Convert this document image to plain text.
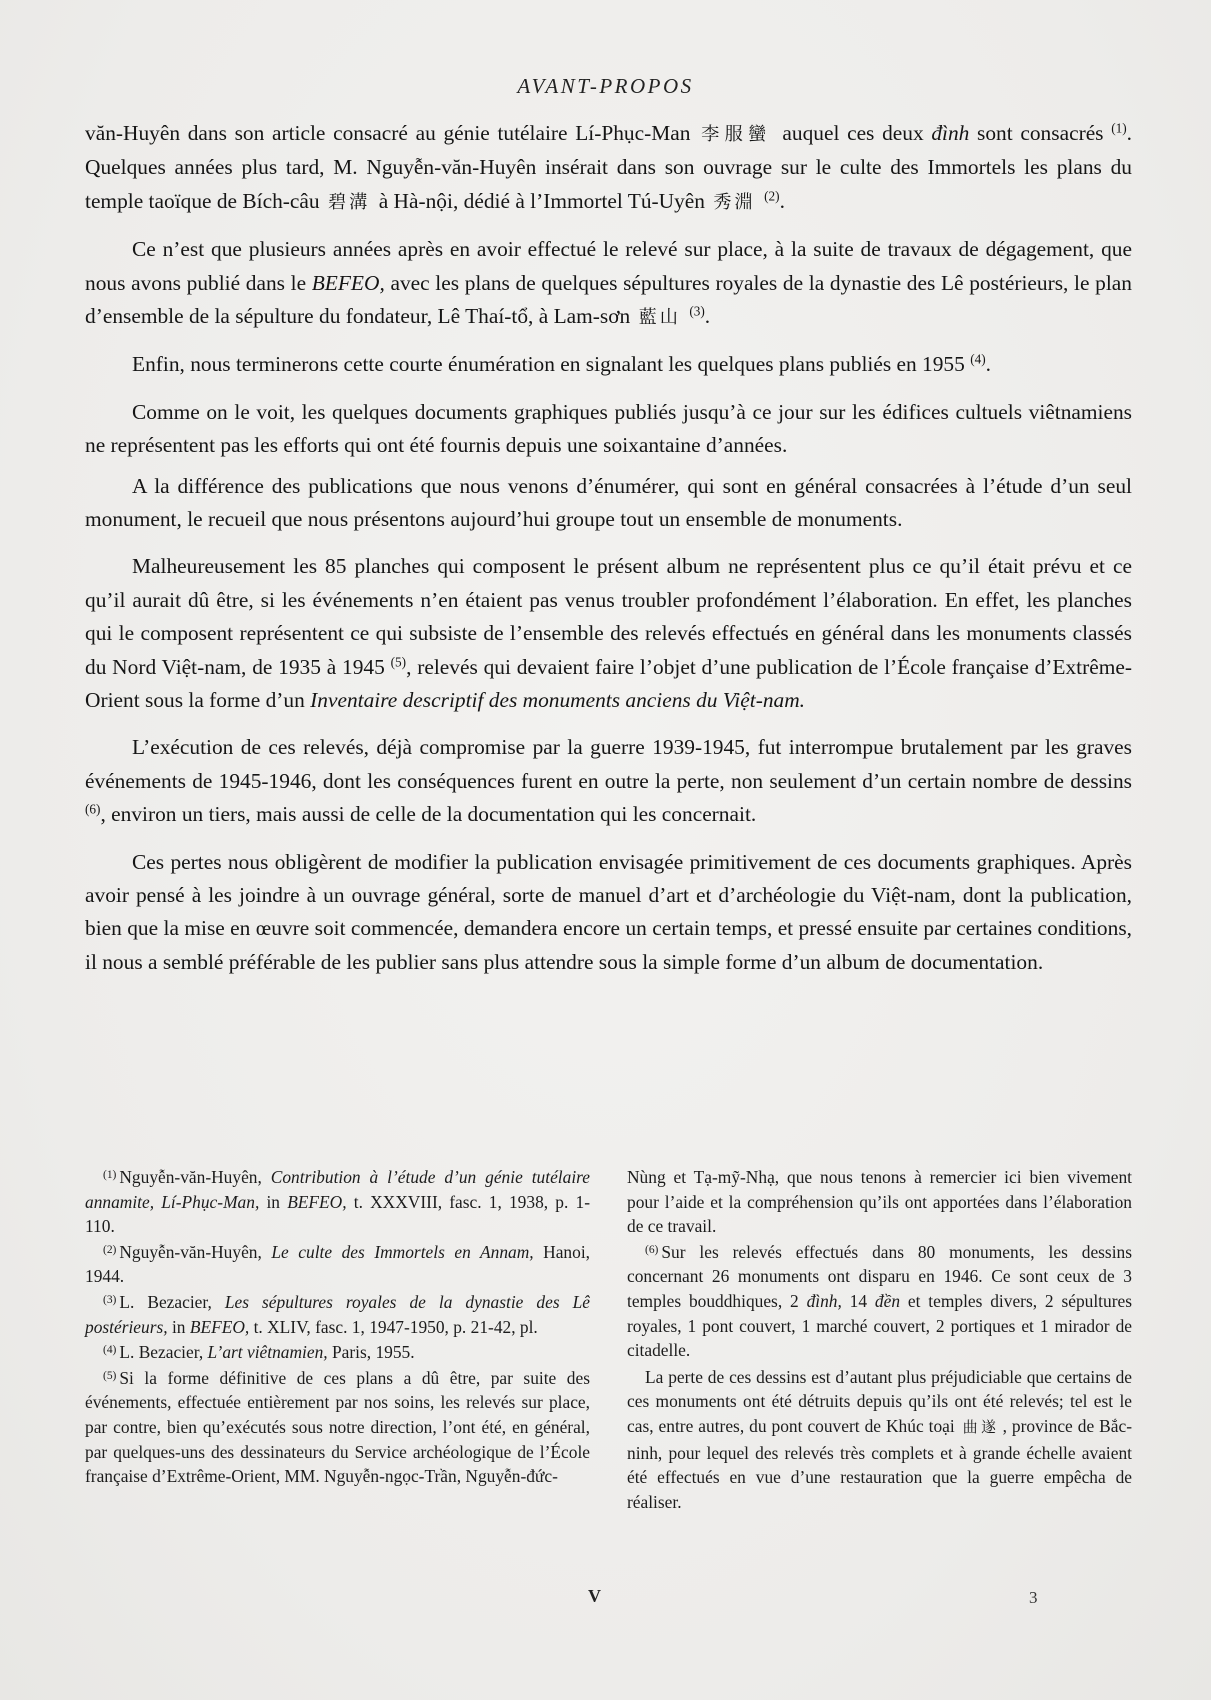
AVANT-PROPOS

văn-Huyên dans son article consacré au génie tutélaire Lí-Phục-Man 李服蠻 auquel ces deux đình sont consacrés $^{(1)}$. Quelques années plus tard, M. Nguyễn-văn-Huyên insérait dans son ouvrage sur le culte des Immortels les plans du temple taoïque de Bích-câu 碧溝 à Hà-nội, dédié à l’Immortel Tú-Uyên 秀淵 $^{(2)}$.

Ce n’est que plusieurs années après en avoir effectué le relevé sur place, à la suite de travaux de dégagement, que nous avons publié dans le BEFEO, avec les plans de quelques sépultures royales de la dynastie des Lê postérieurs, le plan d’ensemble de la sépulture du fondateur, Lê Thaí-tổ, à Lam-sơn 藍山 $^{(3)}$.

Enfin, nous terminerons cette courte énumération en signalant les quelques plans publiés en 1955 $^{(4)}$.

Comme on le voit, les quelques documents graphiques publiés jusqu’à ce jour sur les édifices cultuels viêtnamiens ne représentent pas les efforts qui ont été fournis depuis une soixantaine d’années.

A la différence des publications que nous venons d’énumérer, qui sont en général consacrées à l’étude d’un seul monument, le recueil que nous présentons aujourd’hui groupe tout un ensemble de monuments.

Malheureusement les 85 planches qui composent le présent album ne représentent plus ce qu’il était prévu et ce qu’il aurait dû être, si les événements n’en étaient pas venus troubler profondément l’élaboration. En effet, les planches qui le composent représentent ce qui subsiste de l’ensemble des relevés effectués en général dans les monuments classés du Nord Việt-nam, de 1935 à 1945 $^{(5)}$, relevés qui devaient faire l’objet d’une publication de l’École française d’Extrême-Orient sous la forme d’un Inventaire descriptif des monuments anciens du Việt-nam.

L’exécution de ces relevés, déjà compromise par la guerre 1939-1945, fut interrompue brutalement par les graves événements de 1945-1946, dont les conséquences furent en outre la perte, non seulement d’un certain nombre de dessins $^{(6)}$, environ un tiers, mais aussi de celle de la documentation qui les concernait.

Ces pertes nous obligèrent de modifier la publication envisagée primitivement de ces documents graphiques. Après avoir pensé à les joindre à un ouvrage général, sorte de manuel d’art et d’archéologie du Việt-nam, dont la publication, bien que la mise en œuvre soit commencée, demandera encore un certain temps, et pressé ensuite par certaines conditions, il nous a semblé préférable de les publier sans plus attendre sous la simple forme d’un album de documentation.

$^{(1)}$ Nguyễn-văn-Huyên, Contribution à l’étude d’un génie tutélaire annamite, Lí-Phục-Man, in BEFEO, t. XXXVIII, fasc. 1, 1938, p. 1-110.

$^{(2)}$ Nguyễn-văn-Huyên, Le culte des Immortels en Annam, Hanoi, 1944.

$^{(3)}$ L. Bezacier, Les sépultures royales de la dynastie des Lê postérieurs, in BEFEO, t. XLIV, fasc. 1, 1947-1950, p. 21-42, pl.

$^{(4)}$ L. Bezacier, L’art viêtnamien, Paris, 1955.

$^{(5)}$ Si la forme définitive de ces plans a dû être, par suite des événements, effectuée entièrement par nos soins, les relevés sur place, par contre, bien qu’exécutés sous notre direction, l’ont été, en général, par quelques-uns des dessinateurs du Service archéologique de l’École française d’Extrême-Orient, MM. Nguyễn-ngọc-Trần, Nguyễn-đức-

Nùng et Tạ-mỹ-Nhạ, que nous tenons à remercier ici bien vivement pour l’aide et la compréhension qu’ils ont apportées dans l’élaboration de ce travail.

$^{(6)}$ Sur les relevés effectués dans 80 monuments, les dessins concernant 26 monuments ont disparu en 1946. Ce sont ceux de 3 temples bouddhiques, 2 đình, 14 đền et temples divers, 2 sépultures royales, 1 pont couvert, 1 marché couvert, 2 portiques et 1 mirador de citadelle.

La perte de ces dessins est d’autant plus préjudiciable que certains de ces monuments ont été détruits depuis qu’ils ont été relevés; tel est le cas, entre autres, du pont couvert de Khúc toại 曲遂 , province de Bắc-ninh, pour lequel des relevés très complets et à grande échelle avaient été effectués en vue d’une restauration que la guerre empêcha de réaliser.

V	3
